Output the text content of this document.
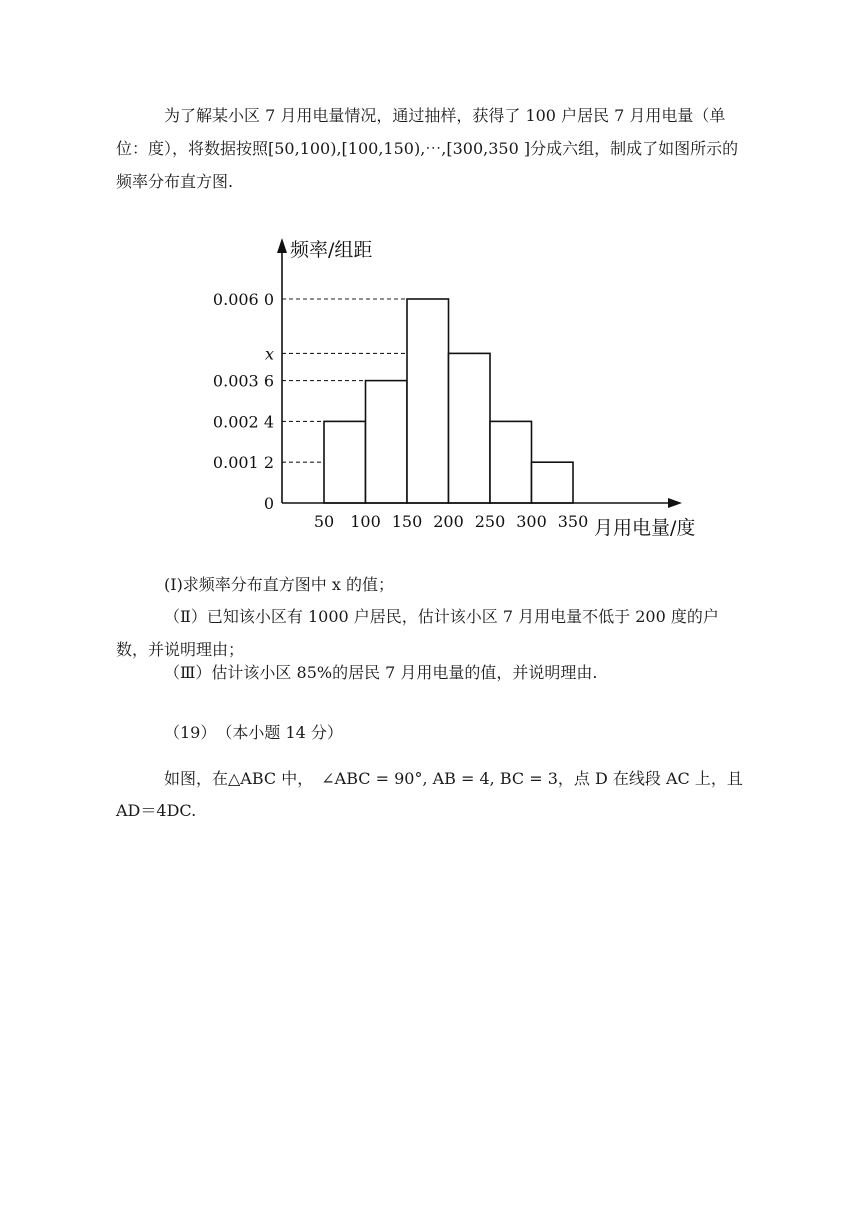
为了解某小区 7 月用电量情况，通过抽样，获得了 100 户居民 7 月用电量（单位：度），将数据按照[50,100),[100,150),⋯,[300,350 ]分成六组，制成了如图所示的频率分布直方图.

0
0.001 2
0.002 4
0.003 6
x
0.006 0
50 100 150 200 250 300 350
频率/组距
月用电量/度

(I)求频率分布直方图中 x 的值；

（Ⅱ）已知该小区有 1000 户居民，估计该小区 7 月用电量不低于 200 度的户数，并说明理由；

（Ⅲ）估计该小区 85%的居民 7 月用电量的值，并说明理由.

（19）　（本小题 14 分）

如图，在△ABC 中，　∠ABC = 90°, AB = 4, BC = 3，点 D 在线段 AC 上，且

AD＝4DC.
